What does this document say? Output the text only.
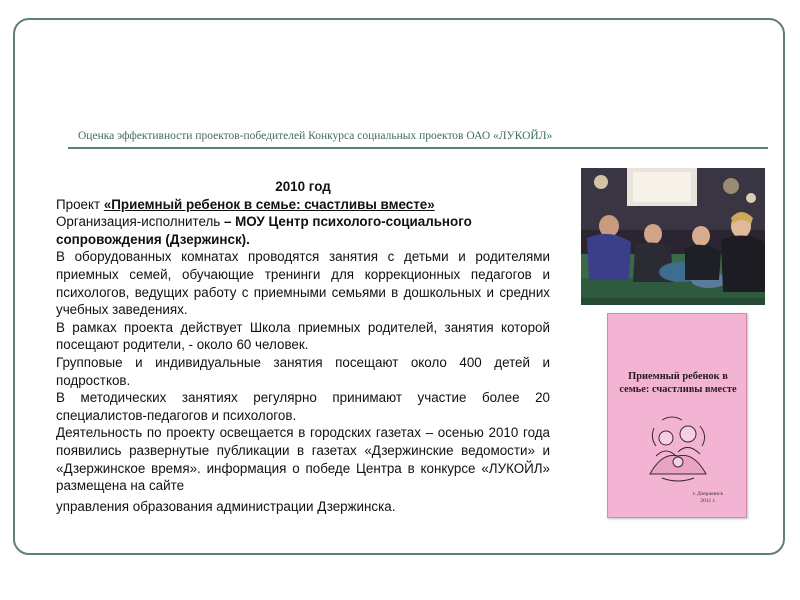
Оценка эффективности проектов-победителей Конкурса социальных проектов ОАО «ЛУКОЙЛ»

2010 год

Проект «Приемный ребенок в семье: счастливы вместе»

Организация-исполнитель – МОУ Центр психолого-социального сопровождения (Дзержинск).

В оборудованных комнатах проводятся занятия с детьми и родителями приемных семей, обучающие тренинги для коррекционных педагогов и психологов, ведущих работу с приемными семьями в дошкольных и средних учебных заведениях.

В рамках проекта действует Школа приемных родителей, занятия которой посещают родители, - около 60 человек.

Групповые и индивидуальные занятия посещают около 400 детей и подростков.

В методических занятиях регулярно принимают участие более 20 специалистов-педагогов и психологов.

Деятельность по проекту освещается в городских газетах – осенью 2010 года появились развернутые публикации в газетах «Дзержинские ведомости» и «Дзержинское время». информация о победе Центра в конкурсе «ЛУКОЙЛ» размещена на сайте

управления образования администрации Дзержинска.

Приемный ребенок в семье: счастливы вместе
г. Дзержинск
2011 г.
